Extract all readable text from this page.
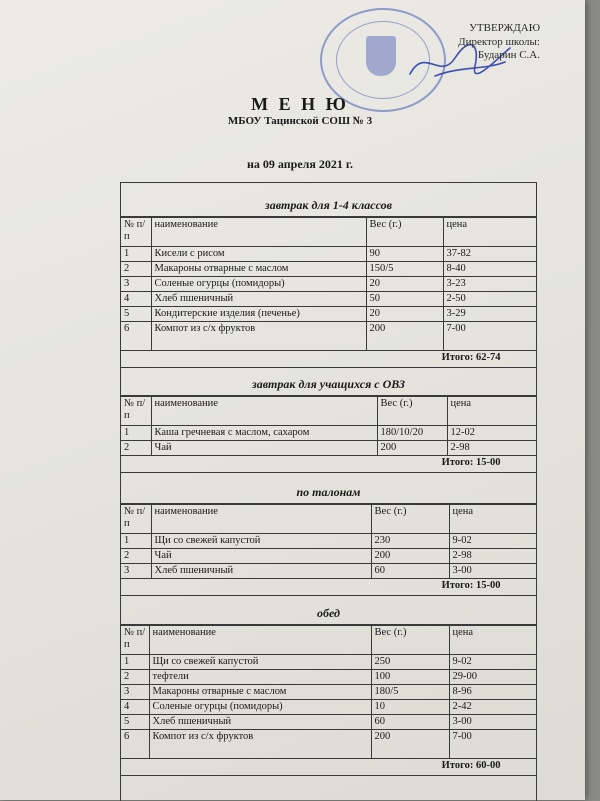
УТВЕРЖДАЮ
Директор школы:
Бударин С.А.
М Е Н Ю
МБОУ Тацинской СОШ № 3
на 09 апреля 2021 г.
завтрак для 1-4 классов
№ п/п	наименование	Вес (г.)	цена
1	Кисели с рисом	90	37-82
2	Макароны отварные с маслом	150/5	8-40
3	Соленые огурцы (помидоры)	20	3-23
4	Хлеб пшеничный	50	2-50
5	Кондитерские изделия (печенье)	20	3-29
6	Компот из с/х фруктов	200	7-00
Итого: 62-74			
завтрак для учащихся с ОВЗ
№ п/п	наименование	Вес (г.)	цена
1	Каша гречневая с маслом, сахаром	180/10/20	12-02
2	Чай	200	2-98
Итого: 15-00			
по талонам
№ п/п	наименование	Вес (г.)	цена
1	Щи со свежей капустой	230	9-02
2	Чай	200	2-98
3	Хлеб пшеничный	60	3-00
Итого: 15-00			
обед
№ п/п	наименование	Вес (г.)	цена
1	Щи со свежей капустой	250	9-02
2	тефтели	100	29-00
3	Макароны отварные с маслом	180/5	8-96
4	Соленые огурцы (помидоры)	10	2-42
5	Хлеб пшеничный	60	3-00
6	Компот из с/х фруктов	200	7-00
Итого: 60-00			
